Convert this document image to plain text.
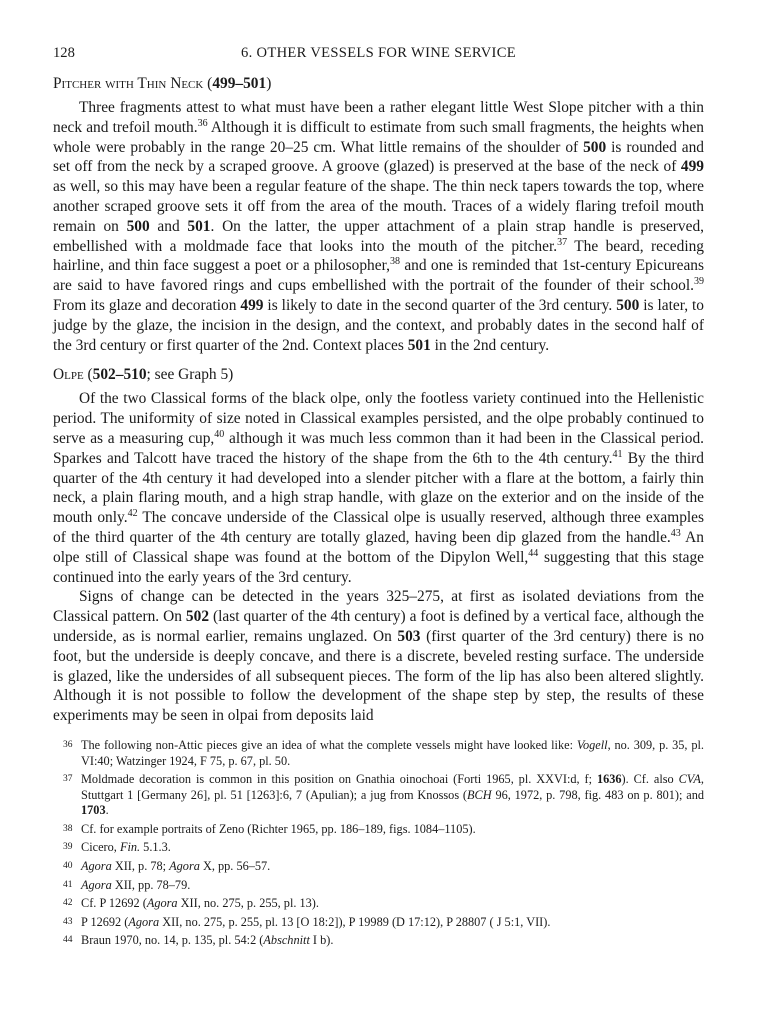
128	6. OTHER VESSELS FOR WINE SERVICE
Pitcher with Thin Neck (499–501)

Three fragments attest to what must have been a rather elegant little West Slope pitcher with a thin neck and trefoil mouth.$^{36}$ Although it is difficult to estimate from such small fragments, the heights when whole were probably in the range 20–25 cm. What little remains of the shoulder of 500 is rounded and set off from the neck by a scraped groove. A groove (glazed) is preserved at the base of the neck of 499 as well, so this may have been a regular feature of the shape. The thin neck tapers towards the top, where another scraped groove sets it off from the area of the mouth. Traces of a widely flaring trefoil mouth remain on 500 and 501. On the latter, the upper attachment of a plain strap handle is preserved, embellished with a moldmade face that looks into the mouth of the pitcher.$^{37}$ The beard, receding hairline, and thin face suggest a poet or a philosopher,$^{38}$ and one is reminded that 1st-century Epicureans are said to have favored rings and cups embellished with the portrait of the founder of their school.$^{39}$ From its glaze and decoration 499 is likely to date in the second quarter of the 3rd century. 500 is later, to judge by the glaze, the incision in the design, and the context, and probably dates in the second half of the 3rd century or first quarter of the 2nd. Context places 501 in the 2nd century.

Olpe (502–510; see Graph 5)

Of the two Classical forms of the black olpe, only the footless variety continued into the Hellenistic period. The uniformity of size noted in Classical examples persisted, and the olpe probably continued to serve as a measuring cup,$^{40}$ although it was much less common than it had been in the Classical period. Sparkes and Talcott have traced the history of the shape from the 6th to the 4th century.$^{41}$ By the third quarter of the 4th century it had developed into a slender pitcher with a flare at the bottom, a fairly thin neck, a plain flaring mouth, and a high strap handle, with glaze on the exterior and on the inside of the mouth only.$^{42}$ The concave underside of the Classical olpe is usually reserved, although three examples of the third quarter of the 4th century are totally glazed, having been dip glazed from the handle.$^{43}$ An olpe still of Classical shape was found at the bottom of the Dipylon Well,$^{44}$ suggesting that this stage continued into the early years of the 3rd century.

Signs of change can be detected in the years 325–275, at first as isolated deviations from the Classical pattern. On 502 (last quarter of the 4th century) a foot is defined by a vertical face, although the underside, as is normal earlier, remains unglazed. On 503 (first quarter of the 3rd century) there is no foot, but the underside is deeply concave, and there is a discrete, beveled resting surface. The underside is glazed, like the undersides of all subsequent pieces. The form of the lip has also been altered slightly. Although it is not possible to follow the development of the shape step by step, the results of these experiments may be seen in olpai from deposits laid

36 The following non-Attic pieces give an idea of what the complete vessels might have looked like: Vogell, no. 309, p. 35, pl. VI:40; Watzinger 1924, F 75, p. 67, pl. 50.

37 Moldmade decoration is common in this position on Gnathia oinochoai (Forti 1965, pl. XXVI:d, f; 1636). Cf. also CVA, Stuttgart 1 [Germany 26], pl. 51 [1263]:6, 7 (Apulian); a jug from Knossos (BCH 96, 1972, p. 798, fig. 483 on p. 801); and 1703.

38 Cf. for example portraits of Zeno (Richter 1965, pp. 186–189, figs. 1084–1105).

39 Cicero, Fin. 5.1.3.

40 Agora XII, p. 78; Agora X, pp. 56–57.

41 Agora XII, pp. 78–79.

42 Cf. P 12692 (Agora XII, no. 275, p. 255, pl. 13).

43 P 12692 (Agora XII, no. 275, p. 255, pl. 13 [O 18:2]), P 19989 (D 17:12), P 28807 ( J 5:1, VII).

44 Braun 1970, no. 14, p. 135, pl. 54:2 (Abschnitt I b).
